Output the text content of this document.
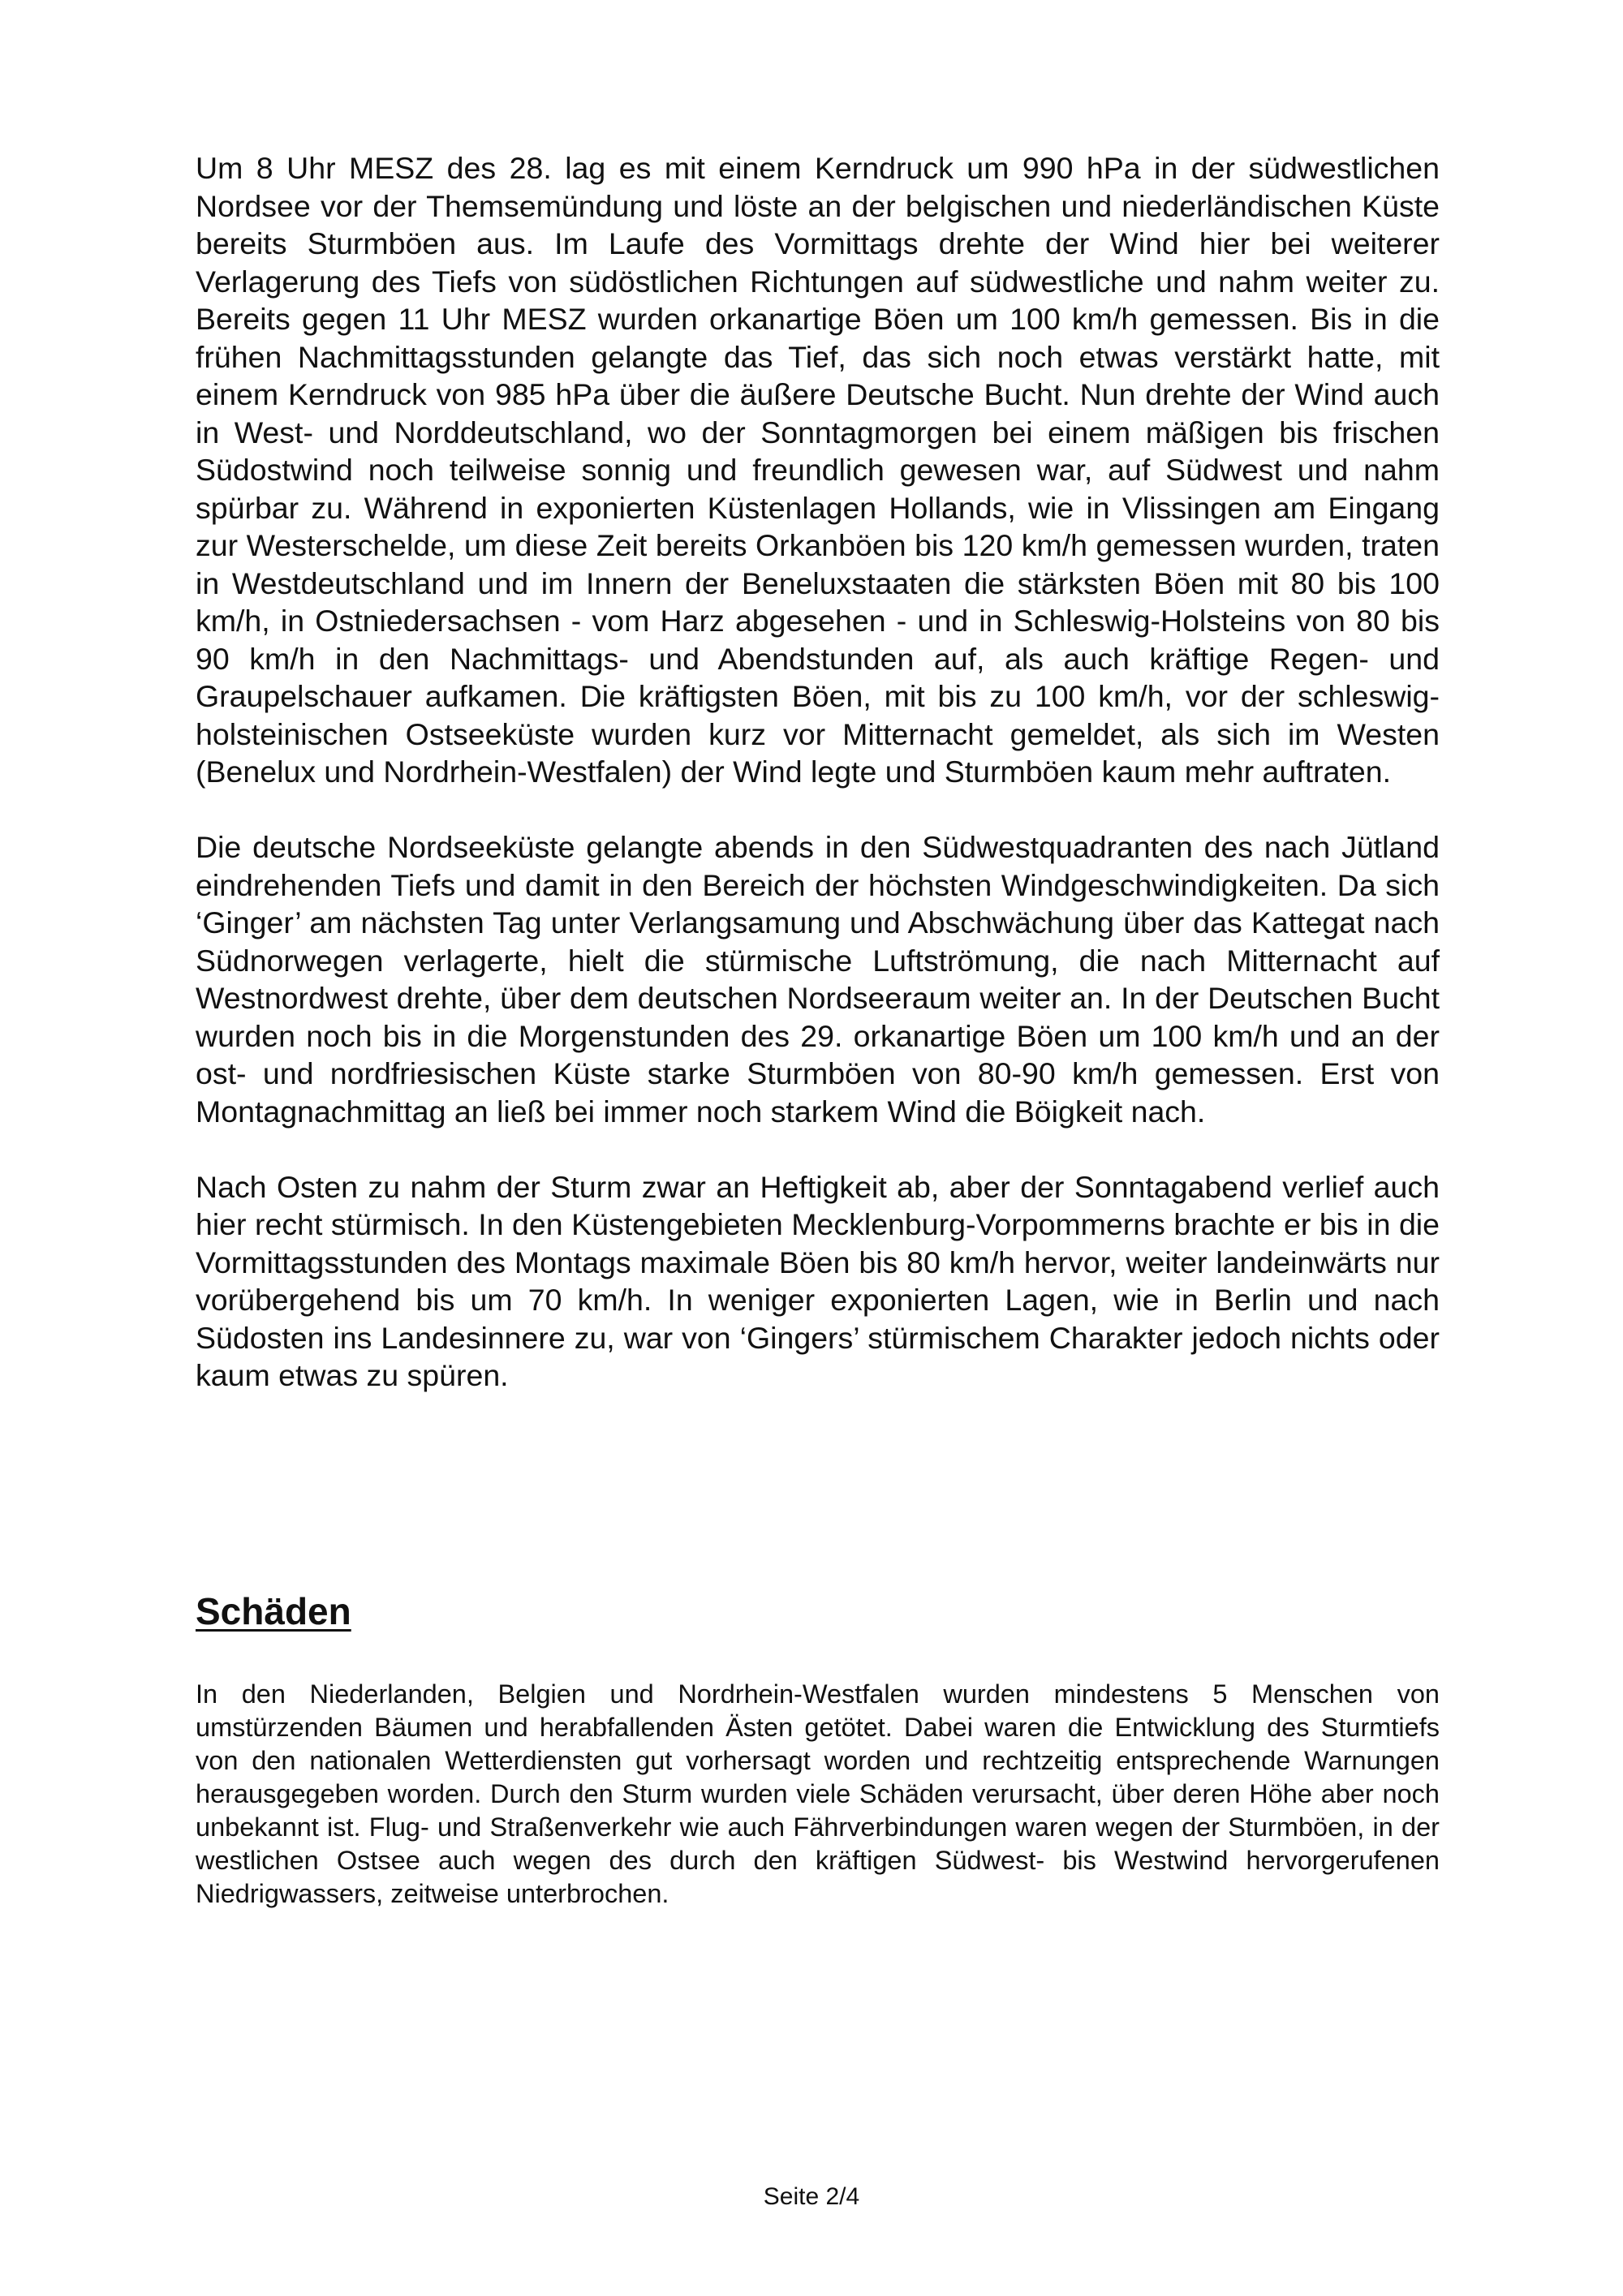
Um 8 Uhr MESZ des 28. lag es mit einem Kerndruck um 990 hPa in der südwestlichen Nordsee vor der Themsemündung und löste an der belgischen und niederländischen Küste bereits Sturmböen aus. Im Laufe des Vormittags drehte der Wind hier bei weiterer Verlagerung des Tiefs von südöstlichen Richtungen auf südwestliche und nahm weiter zu. Bereits gegen 11 Uhr MESZ wurden orkanartige Böen um 100 km/h gemessen. Bis in die frühen Nachmittagsstunden gelangte das Tief, das sich noch etwas verstärkt hatte, mit einem Kerndruck von 985 hPa über die äußere Deutsche Bucht. Nun drehte der Wind auch in West- und Norddeutschland, wo der Sonntagmorgen bei einem mäßigen bis frischen Südostwind noch teilweise sonnig und freundlich gewesen war, auf Südwest und nahm spürbar zu. Während in exponierten Küstenlagen Hollands, wie in Vlissingen am Eingang zur Westerschelde, um diese Zeit bereits Orkanböen bis 120 km/h gemessen wurden, traten in Westdeutschland und im Innern der Beneluxstaaten die stärksten Böen mit 80 bis 100 km/h, in Ostniedersachsen - vom Harz abgesehen - und in Schleswig-Holsteins von 80 bis 90 km/h in den Nachmittags- und Abendstunden auf, als auch kräftige Regen- und Graupelschauer aufkamen. Die kräftigsten Böen, mit bis zu 100 km/h, vor der schleswig-holsteinischen Ostseeküste wurden kurz vor Mitternacht gemeldet, als sich im Westen (Benelux und Nordrhein-Westfalen) der Wind legte und Sturmböen kaum mehr auftraten.

Die deutsche Nordseeküste gelangte abends in den Südwestquadranten des nach Jütland eindrehenden Tiefs und damit in den Bereich der höchsten Windgeschwindigkeiten. Da sich ‘Ginger’ am nächsten Tag unter Verlangsamung und Abschwächung über das Kattegat nach Südnorwegen verlagerte, hielt die stürmische Luftströmung, die nach Mitternacht auf Westnordwest drehte, über dem deutschen Nordseeraum weiter an. In der Deutschen Bucht wurden noch bis in die Morgenstunden des 29. orkanartige Böen um 100 km/h und an der ost- und nordfriesischen Küste starke Sturmböen von 80-90 km/h gemessen. Erst von Montagnachmittag an ließ bei immer noch starkem Wind die Böigkeit nach.

Nach Osten zu nahm der Sturm zwar an Heftigkeit ab, aber der Sonntagabend verlief auch hier recht stürmisch. In den Küstengebieten Mecklenburg-Vorpommerns brachte er bis in die Vormittagsstunden des Montags maximale Böen bis 80 km/h hervor, weiter landeinwärts nur vorübergehend bis um 70 km/h. In weniger exponierten Lagen, wie in Berlin und nach Südosten ins Landesinnere zu, war von ‘Gingers’ stürmischem Charakter jedoch nichts oder kaum etwas zu spüren.

Schäden

In den Niederlanden, Belgien und Nordrhein-Westfalen wurden mindestens 5 Menschen von umstürzenden Bäumen und herabfallenden Ästen getötet. Dabei waren die Entwicklung des Sturmtiefs von den nationalen Wetterdiensten gut vorhersagt worden und rechtzeitig entsprechende Warnungen herausgegeben worden. Durch den Sturm wurden viele Schäden verursacht, über deren Höhe aber noch unbekannt ist. Flug- und Straßenverkehr wie auch Fährverbindungen waren wegen der Sturmböen, in der westlichen Ostsee auch wegen des durch den kräftigen Südwest- bis Westwind hervorgerufenen Niedrigwassers, zeitweise unterbrochen.

Seite 2/4
